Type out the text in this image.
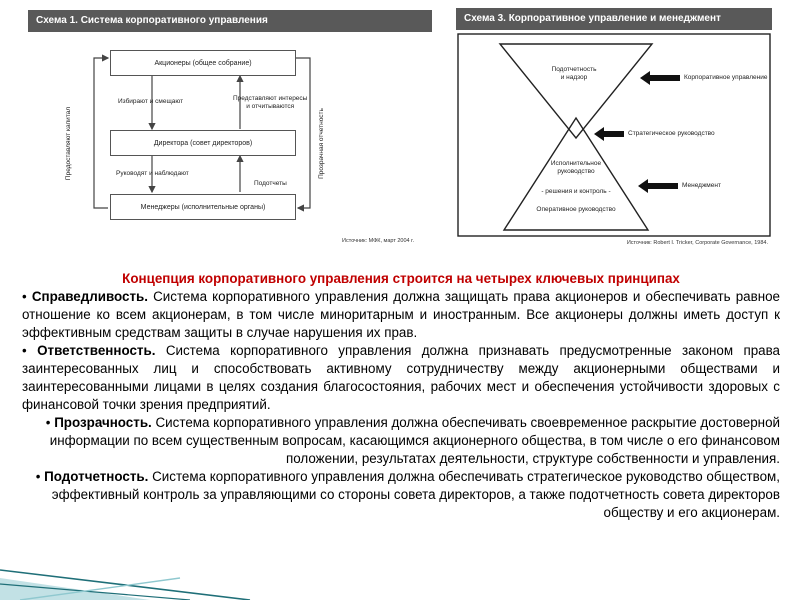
Схема 1. Система корпоративного управления
Акционеры (общее собрание)
Директора (совет директоров)
Менеджеры (исполнительные органы)
Избирают и смещают	Представляют интересы
и отчитываются
Руководят и наблюдают
Подотчеты
Предоставляют капитал	Прозрачная отчетность
Источник: МФК, март 2004 г.
Схема 3. Корпоративное управление и менеджмент
Подотчетность
и надзор
Исполнительное
руководство
- решения и контроль -
Оперативное руководство
Корпоративное управление
Стратегическое руководство
Менеджмент
Источник: Robert I. Tricker, Corporate Governance, 1984.

Концепция корпоративного управления строится на четырех ключевых принципах

• Справедливость. Система корпоративного управления должна защищать права акционеров и обеспечивать равное отношение ко всем акционерам, в том числе миноритарным и иностранным. Все акционеры должны иметь доступ к эффективным средствам защиты в случае нарушения их прав.

• Ответственность. Система корпоративного управления должна признавать предусмотренные законом права заинтересованных лиц и способствовать активному сотрудничеству между акционерными обществами и заинтересованными лицами в целях создания благосостояния, рабочих мест и обеспечения устойчивости здоровых с финансовой точки зрения предприятий.

• Прозрачность. Система корпоративного управления должна обеспечивать своевременное раскрытие достоверной информации по всем существенным вопросам, касающимся акционерного общества, в том числе о его финансовом положении, результатах деятельности, структуре собственности и управления.

• Подотчетность. Система корпоративного управления должна обеспечивать стратегическое руководство обществом, эффективный контроль за управляющими со стороны совета директоров, а также подотчетность совета директоров обществу и его акционерам.
